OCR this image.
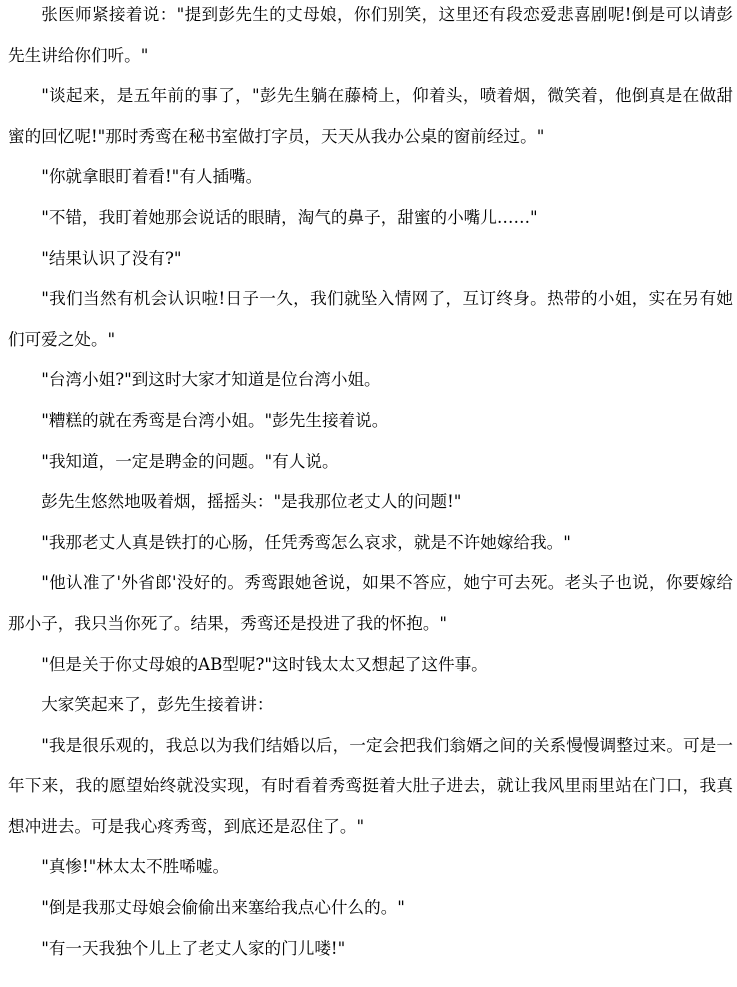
张医师紧接着说："提到彭先生的丈母娘，你们别笑，这里还有段恋爱悲喜剧呢!倒是可以请彭先生讲给你们听。"

"谈起来，是五年前的事了，"彭先生躺在藤椅上，仰着头，喷着烟，微笑着，他倒真是在做甜蜜的回忆呢!"那时秀鸾在秘书室做打字员，天天从我办公桌的窗前经过。"

"你就拿眼盯着看!"有人插嘴。

"不错，我盯着她那会说话的眼睛，淘气的鼻子，甜蜜的小嘴儿……"

"结果认识了没有?"

"我们当然有机会认识啦!日子一久，我们就坠入情网了，互订终身。热带的小姐，实在另有她们可爱之处。"

"台湾小姐?"到这时大家才知道是位台湾小姐。

"糟糕的就在秀鸾是台湾小姐。"彭先生接着说。

"我知道，一定是聘金的问题。"有人说。

彭先生悠然地吸着烟，摇摇头："是我那位老丈人的问题!"

"我那老丈人真是铁打的心肠，任凭秀鸾怎么哀求，就是不许她嫁给我。"

"他认准了'外省郎'没好的。秀鸾跟她爸说，如果不答应，她宁可去死。老头子也说，你要嫁给那小子，我只当你死了。结果，秀鸾还是投进了我的怀抱。"

"但是关于你丈母娘的AB型呢?"这时钱太太又想起了这件事。

大家笑起来了，彭先生接着讲：

"我是很乐观的，我总以为我们结婚以后，一定会把我们翁婿之间的关系慢慢调整过来。可是一年下来，我的愿望始终就没实现，有时看着秀鸾挺着大肚子进去，就让我风里雨里站在门口，我真想冲进去。可是我心疼秀鸾，到底还是忍住了。"

"真惨!"林太太不胜唏嘘。

"倒是我那丈母娘会偷偷出来塞给我点心什么的。"

"有一天我独个儿上了老丈人家的门儿喽!"
